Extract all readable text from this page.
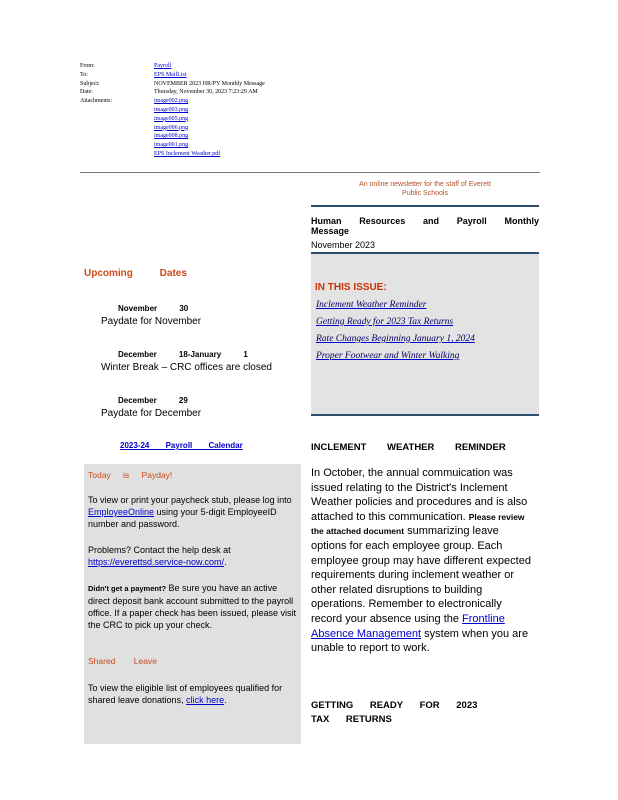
From:	Payroll
To:	EPS MailList
Subject:	NOVEMBER 2023 HR/PY Monthly Message
Date:	Thursday, November 30, 2023 7:23:29 AM
Attachments:	image002.png
image003.png
image005.png
image006.png
image008.png
image001.png
EPS Inclement Weather.pdf
An online newsletter for the staff of Everett
Public Schools
Human Resources and Payroll Monthly
Message
November 2023
IN THIS ISSUE:
Inclement Weather Reminder
Getting Ready for 2023 Tax Returns
Rate Changes Beginning January 1, 2024
Proper Footwear and Winter Walking
INCLEMENT WEATHER REMINDER
In October, the annual commuication was issued relating to the District's Inclement Weather policies and procedures and is also attached to this communication. Please review the attached document summarizing leave options for each employee group. Each employee group may have different expected requirements during inclement weather or other related disruptions to building operations. Remember to electronically record your absence using the Frontline Absence Management system when you are unable to report to work.
GETTING READY FOR 2023 TAX RETURNS
Upcoming Dates
November 30
Paydate for November
December 18-January 1
Winter Break – CRC offices are closed
December 29
Paydate for December
2023-24 Payroll Calendar
Today is Payday!
To view or print your paycheck stub, please log into EmployeeOnline using your 5-digit EmployeeID number and password.
Problems? Contact the help desk at https://everettsd.service-now.com/.
Didn't get a payment? Be sure you have an active direct deposit bank account submitted to the payroll office. If a paper check has been issued, please visit the CRC to pick up your check.
Shared Leave
To view the eligible list of employees qualified for shared leave donations, click here.
